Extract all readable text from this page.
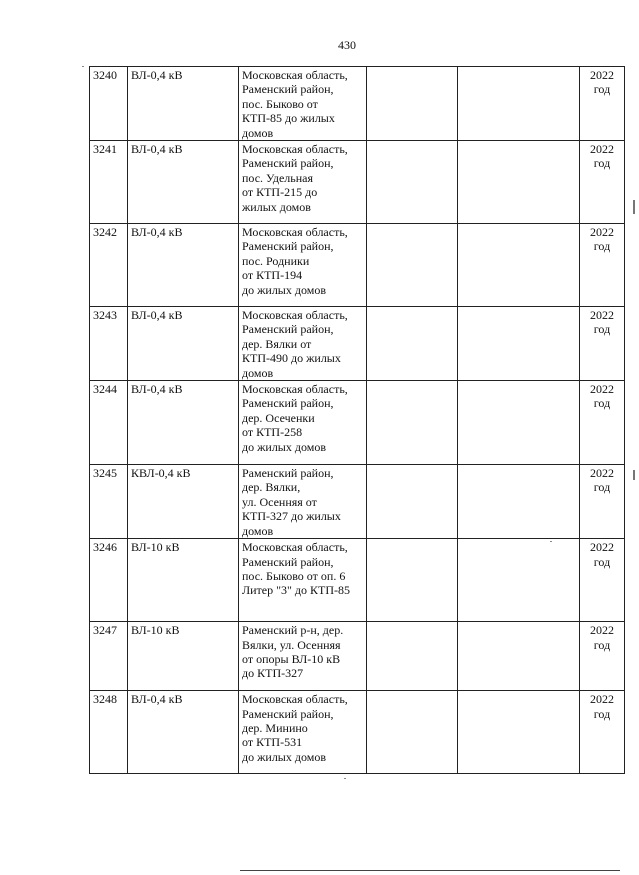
430
3240	ВЛ-0,4 кВ	Московская область,
Раменский район,
пос. Быково от
КТП-85 до жилых
домов			2022
год
3241	ВЛ-0,4 кВ	Московская область,
Раменский район,
пос. Удельная
от КТП-215 до
жилых домов			2022
год
3242	ВЛ-0,4 кВ	Московская область,
Раменский район,
пос. Родники
от КТП-194
до жилых домов			2022
год
3243	ВЛ-0,4 кВ	Московская область,
Раменский район,
дер. Вялки от
КТП-490 до жилых
домов			2022
год
3244	ВЛ-0,4 кВ	Московская область,
Раменский район,
дер. Осеченки
от КТП-258
до жилых домов			2022
год
3245	КВЛ-0,4 кВ	Раменский район,
дер. Вялки,
ул. Осенняя от
КТП-327 до жилых
домов			2022
год
3246	ВЛ-10 кВ	Московская область,
Раменский район,
пос. Быково от оп. 6
Литер "3" до КТП-85			2022
год
3247	ВЛ-10 кВ	Раменский р-н, дер.
Вялки, ул. Осенняя
от опоры ВЛ-10 кВ
до КТП-327			2022
год
3248	ВЛ-0,4 кВ	Московская область,
Раменский район,
дер. Минино
от КТП-531
до жилых домов			2022
год
